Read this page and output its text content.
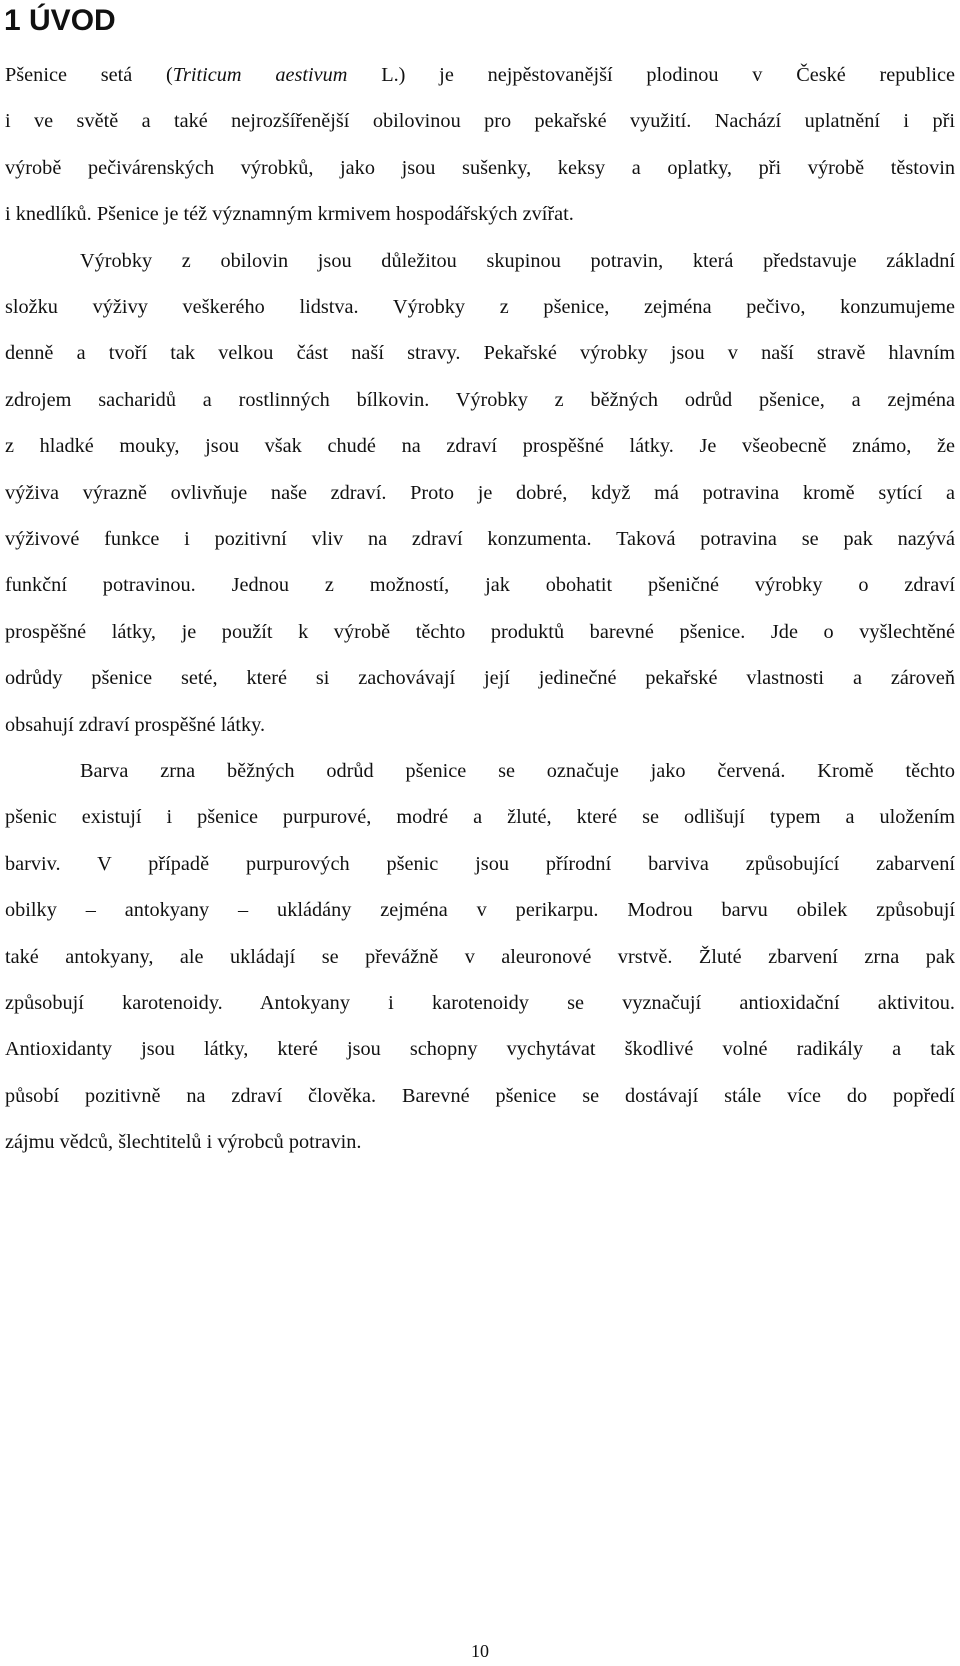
1 ÚVOD
Pšenice setá (Triticum aestivum L.) je nejpěstovanější plodinou v České republice
i ve světě a také nejrozšířenější obilovinou pro pekařské využití. Nachází uplatnění i při
výrobě pečivárenských výrobků, jako jsou sušenky, keksy a oplatky, při výrobě těstovin
i knedlíků. Pšenice je též významným krmivem hospodářských zvířat.
Výrobky z obilovin jsou důležitou skupinou potravin, která představuje základní
složku výživy veškerého lidstva. Výrobky z pšenice, zejména pečivo, konzumujeme
denně a tvoří tak velkou část naší stravy. Pekařské výrobky jsou v naší stravě hlavním
zdrojem sacharidů a rostlinných bílkovin. Výrobky z běžných odrůd pšenice, a zejména
z hladké mouky, jsou však chudé na zdraví prospěšné látky. Je všeobecně známo, že
výživa výrazně ovlivňuje naše zdraví. Proto je dobré, když má potravina kromě sytící a
výživové funkce i pozitivní vliv na zdraví konzumenta. Taková potravina se pak nazývá
funkční potravinou. Jednou z možností, jak obohatit pšeničné výrobky o zdraví
prospěšné látky, je použít k výrobě těchto produktů barevné pšenice. Jde o vyšlechtěné
odrůdy pšenice seté, které si zachovávají její jedinečné pekařské vlastnosti a zároveň
obsahují zdraví prospěšné látky.
Barva zrna běžných odrůd pšenice se označuje jako červená. Kromě těchto
pšenic existují i pšenice purpurové, modré a žluté, které se odlišují typem a uložením
barviv. V případě purpurových pšenic jsou přírodní barviva způsobující zabarvení
obilky – antokyany – ukládány zejména v perikarpu. Modrou barvu obilek způsobují
také antokyany, ale ukládají se převážně v aleuronové vrstvě. Žluté zbarvení zrna pak
způsobují karotenoidy. Antokyany i karotenoidy se vyznačují antioxidační aktivitou.
Antioxidanty jsou látky, které jsou schopny vychytávat škodlivé volné radikály a tak
působí pozitivně na zdraví člověka. Barevné pšenice se dostávají stále více do popředí
zájmu vědců, šlechtitelů i výrobců potravin.

10
